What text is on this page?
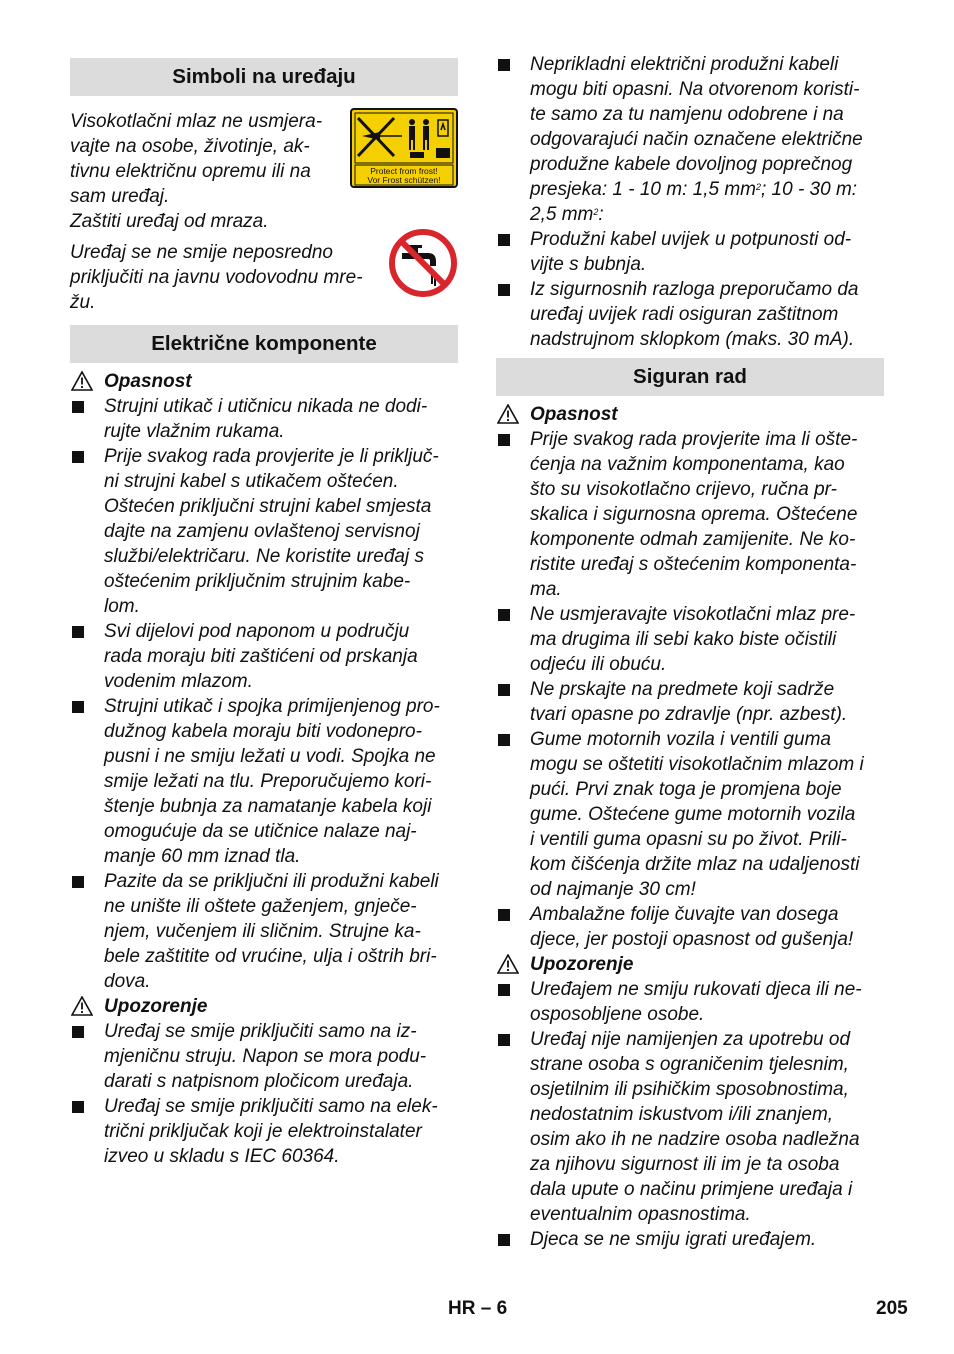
Simboli na uređaju
Visokotlačni mlaz ne usmjera-
vajte na osobe, životinje, ak-
tivnu električnu opremu ili na
sam uređaj.
Zaštiti uređaj od mraza.
Protect from frost!
Vor Frost schützen!
Uređaj se ne smije neposredno
priključiti na javnu vodovodnu mre-
žu.
Električne komponente
Opasnost
Strujni utikač i utičnicu nikada ne dodi-
rujte vlažnim rukama.
Prije svakog rada provjerite je li priključ-
ni strujni kabel s utikačem oštećen.
Oštećen priključni strujni kabel smjesta
dajte na zamjenu ovlaštenoj servisnoj
službi/električaru. Ne koristite uređaj s
oštećenim priključnim strujnim kabe-
lom.
Svi dijelovi pod naponom u području
rada moraju biti zaštićeni od prskanja
vodenim mlazom.
Strujni utikač i spojka primijenjenog pro-
dužnog kabela moraju biti vodonepro-
pusni i ne smiju ležati u vodi. Spojka ne
smije ležati na tlu. Preporučujemo kori-
štenje bubnja za namatanje kabela koji
omogućuje da se utičnice nalaze naj-
manje 60 mm iznad tla.
Pazite da se priključni ili produžni kabeli
ne unište ili oštete gaženjem, gnječe-
njem, vučenjem ili sličnim. Strujne ka-
bele zaštitite od vrućine, ulja i oštrih bri-
dova.
Upozorenje
Uređaj se smije priključiti samo na iz-
mjeničnu struju. Napon se mora podu-
darati s natpisnom pločicom uređaja.
Uređaj se smije priključiti samo na elek-
trični priključak koji je elektroinstalater
izveo u skladu s IEC 60364.
Neprikladni električni produžni kabeli
mogu biti opasni. Na otvorenom koristi-
te samo za tu namjenu odobrene i na
odgovarajući način označene električne
produžne kabele dovoljnog poprečnog
presjeka: 1 - 10 m: 1,5 $mm^2$; 10 - 30 m:
2,5 $mm^2$:
Produžni kabel uvijek u potpunosti od-
vijte s bubnja.
Iz sigurnosnih razloga preporučamo da
uređaj uvijek radi osiguran zaštitnom
nadstrujnom sklopkom (maks. 30 mA).
Siguran rad
Opasnost
Prije svakog rada provjerite ima li ošte-
ćenja na važnim komponentama, kao
što su visokotlačno crijevo, ručna pr-
skalica i sigurnosna oprema. Oštećene
komponente odmah zamijenite. Ne ko-
ristite uređaj s oštećenim komponenta-
ma.
Ne usmjeravajte visokotlačni mlaz pre-
ma drugima ili sebi kako biste očistili
odjeću ili obuću.
Ne prskajte na predmete koji sadrže
tvari opasne po zdravlje (npr. azbest).
Gume motornih vozila i ventili guma
mogu se oštetiti visokotlačnim mlazom i
pući. Prvi znak toga je promjena boje
gume. Oštećene gume motornih vozila
i ventili guma opasni su po život. Prili-
kom čišćenja držite mlaz na udaljenosti
od najmanje 30 cm!
Ambalažne folije čuvajte van dosega
djece, jer postoji opasnost od gušenja!
Upozorenje
Uređajem ne smiju rukovati djeca ili ne-
osposobljene osobe.
Uređaj nije namijenjen za upotrebu od
strane osoba s ograničenim tjelesnim,
osjetilnim ili psihičkim sposobnostima,
nedostatnim iskustvom i/ili znanjem,
osim ako ih ne nadzire osoba nadležna
za njihovu sigurnost ili im je ta osoba
dala upute o načinu primjene uređaja i
eventualnim opasnostima.
Djeca se ne smiju igrati uređajem.
HR – 6	205
